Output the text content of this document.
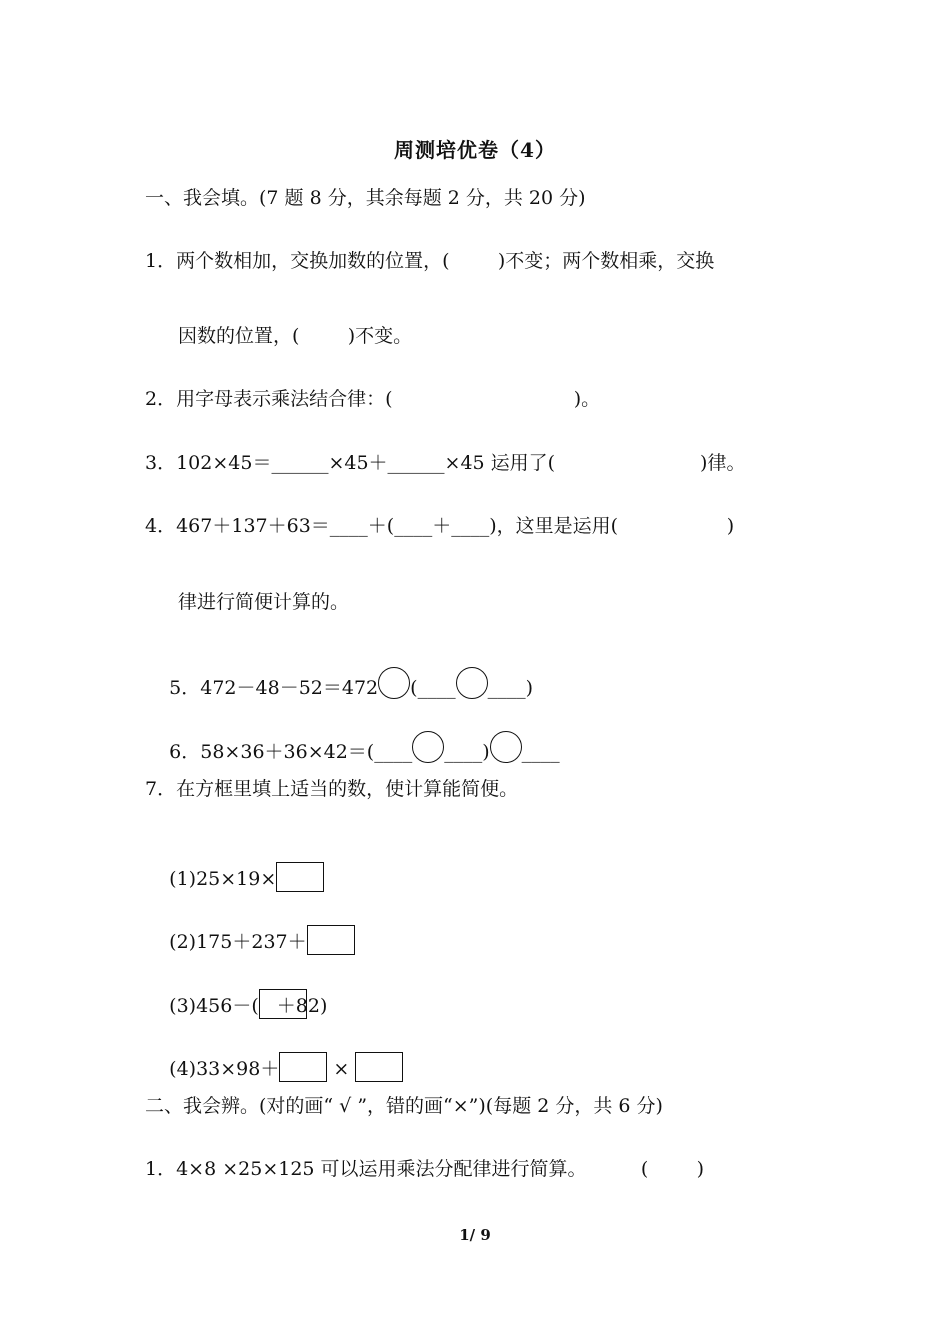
周测培优卷（4）
一、我会填。(7 题 8 分，其余每题 2 分，共 20 分)
1．两个数相加，交换加数的位置，(        )不变；两个数相乘，交换
因数的位置，(        )不变。
2．用字母表示乘法结合律：(                              )。
3．102×45＝______×45＋______×45 运用了(                        )律。
4．467＋137＋63＝____＋(____＋____)，这里是运用(                  )
律进行简便计算的。

5．472－48－52＝472 (____ ____)

6．58×36＋36×42＝(____ ____) ____

7．在方框里填上适当的数，使计算能简便。

(1)25×19×

(2)175＋237＋

(3)456－( ＋82)

(4)33×98＋	×

二、我会辨。(对的画“ √ ”，错的画“×”)(每题 2 分，共 6 分)
1．4×8 ×25×125 可以运用乘法分配律进行简算。         (        )
1/ 9
